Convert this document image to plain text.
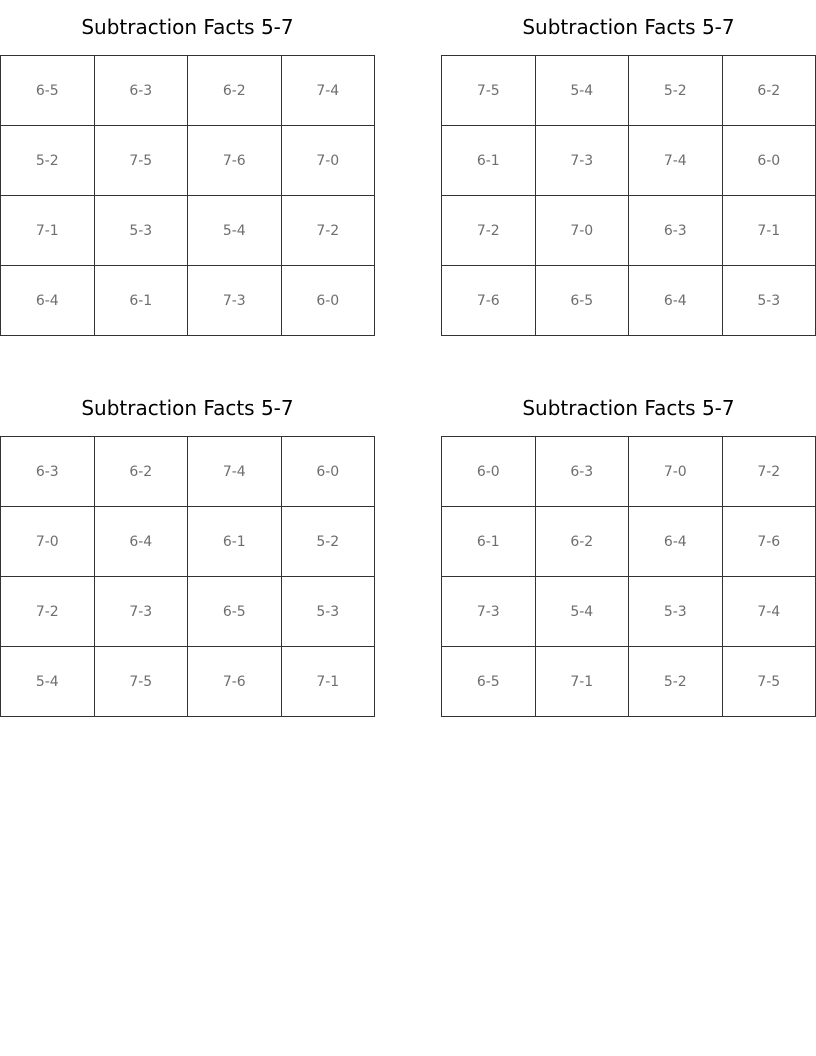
Subtraction Facts 5-7
6-5	6-3	6-2	7-4
5-2	7-5	7-6	7-0
7-1	5-3	5-4	7-2
6-4	6-1	7-3	6-0
Subtraction Facts 5-7
7-5	5-4	5-2	6-2
6-1	7-3	7-4	6-0
7-2	7-0	6-3	7-1
7-6	6-5	6-4	5-3
Subtraction Facts 5-7
6-3	6-2	7-4	6-0
7-0	6-4	6-1	5-2
7-2	7-3	6-5	5-3
5-4	7-5	7-6	7-1
Subtraction Facts 5-7
6-0	6-3	7-0	7-2
6-1	6-2	6-4	7-6
7-3	5-4	5-3	7-4
6-5	7-1	5-2	7-5
